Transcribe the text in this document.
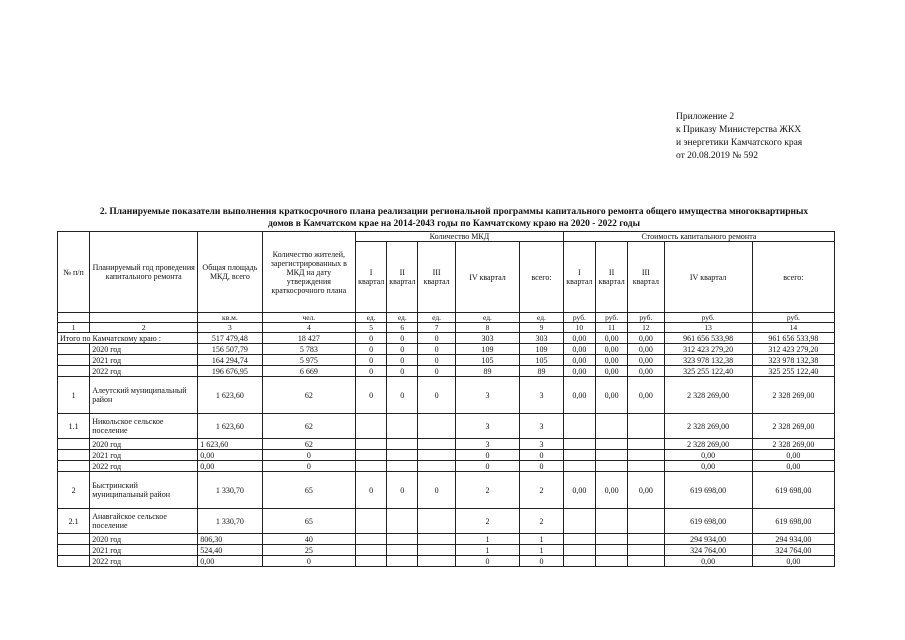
Приложение 2
к Приказу Министерства ЖКХ
и энергетики Камчатского края
от 20.08.2019 № 592
2. Планируемые показатели выполнения краткосрочного плана реализации региональной программы капитального ремонта общего имущества многоквартирных
домов в Камчатском крае на 2014-2043 годы по Камчатскому краю на 2020 - 2022 годы
№ п/п	Планируемый год проведения капитального ремонта	Общая площадь МКД, всего	Количество жителей, зарегистрированных в МКД на дату утверждения краткосрочного плана	Количество МКД					Стоимость капитального ремонта				
				I квартал	II квартал	III квартал	IV квартал	всего:	I квартал	II квартал	III квартал	IV квартал	всего:
		кв.м.	чел.	ед.	ед.	ед.	ед.	ед.	руб.	руб.	руб.	руб.	руб.
1	2	3	4	5	6	7	8	9	10	11	12	13	14
Итого по Камчатскому краю :		517 479,48	18 427	0	0	0	303	303	0,00	0,00	0,00	961 656 533,98	961 656 533,98
	2020 год	156 507,79	5 783	0	0	0	109	109	0,00	0,00	0,00	312 423 279,20	312 423 279,20
	2021 год	164 294,74	5 975	0	0	0	105	105	0,00	0,00	0,00	323 978 132,38	323 978 132,38
	2022 год	196 676,95	6 669	0	0	0	89	89	0,00	0,00	0,00	325 255 122,40	325 255 122,40
1	Алеутский муниципальный район	1 623,60	62	0	0	0	3	3	0,00	0,00	0,00	2 328 269,00	2 328 269,00
1.1	Никольское сельское поселение	1 623,60	62				3	3				2 328 269,00	2 328 269,00
	2020 год	1 623,60	62				3	3				2 328 269,00	2 328 269,00
	2021 год	0,00	0				0	0				0,00	0,00
	2022 год	0,00	0				0	0				0,00	0,00
2	Быстринский муниципальный район	1 330,70	65	0	0	0	2	2	0,00	0,00	0,00	619 698,00	619 698,00
2.1	Анавгайское сельское поселение	1 330,70	65				2	2				619 698,00	619 698,00
	2020 год	806,30	40				1	1				294 934,00	294 934,00
	2021 год	524,40	25				1	1				324 764,00	324 764,00
	2022 год	0,00	0				0	0				0,00	0,00
